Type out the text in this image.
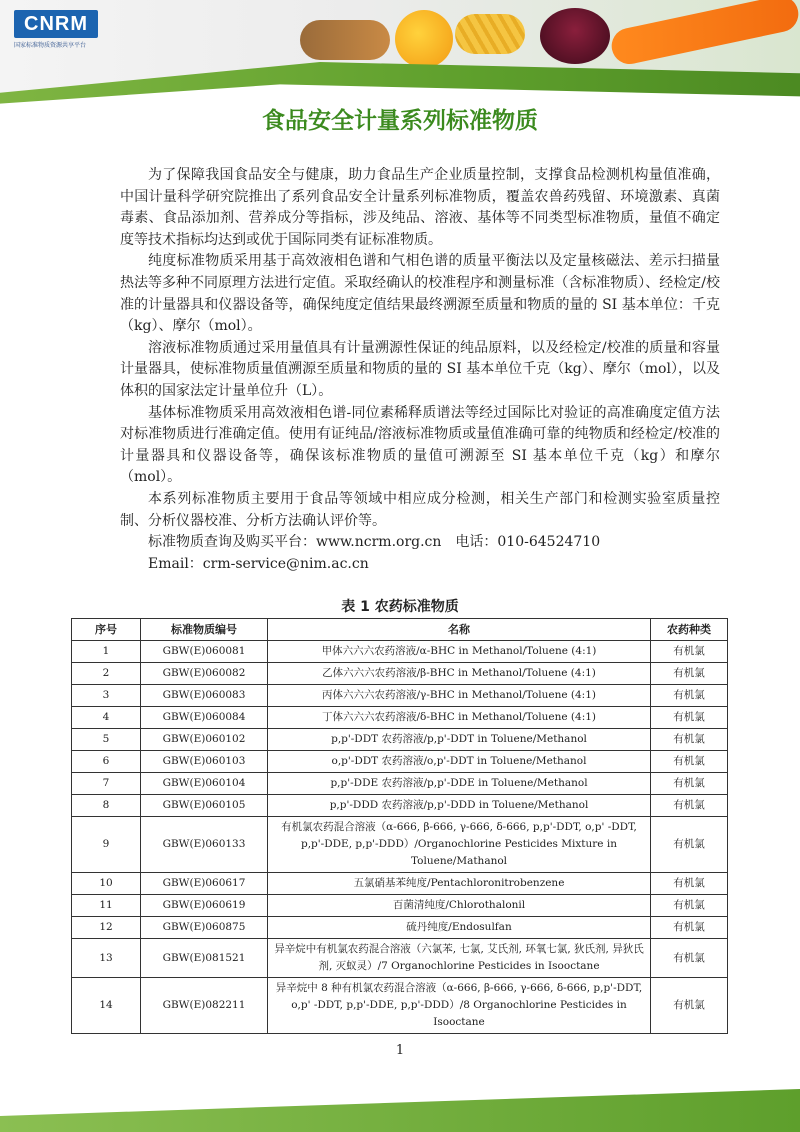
CNRM
国家标准物质资源共享平台
食品安全计量系列标准物质

为了保障我国食品安全与健康，助力食品生产企业质量控制，支撑食品检测机构量值准确，中国计量科学研究院推出了系列食品安全计量系列标准物质，覆盖农兽药残留、环境激素、真菌毒素、食品添加剂、营养成分等指标，涉及纯品、溶液、基体等不同类型标准物质，量值不确定度等技术指标均达到或优于国际同类有证标准物质。

纯度标准物质采用基于高效液相色谱和气相色谱的质量平衡法以及定量核磁法、差示扫描量热法等多种不同原理方法进行定值。采取经确认的校准程序和测量标准（含标准物质）、经检定/校准的计量器具和仪器设备等，确保纯度定值结果最终溯源至质量和物质的量的 SI 基本单位：千克（kg）、摩尔（mol）。

溶液标准物质通过采用量值具有计量溯源性保证的纯品原料，以及经检定/校准的质量和容量计量器具，使标准物质量值溯源至质量和物质的量的 SI 基本单位千克（kg）、摩尔（mol），以及体积的国家法定计量单位升（L）。

基体标准物质采用高效液相色谱-同位素稀释质谱法等经过国际比对验证的高准确度定值方法对标准物质进行准确定值。使用有证纯品/溶液标准物质或量值准确可靠的纯物质和经检定/校准的计量器具和仪器设备等，确保该标准物质的量值可溯源至 SI 基本单位千克（kg）和摩尔（mol）。

本系列标准物质主要用于食品等领域中相应成分检测，相关生产部门和检测实验室质量控制、分析仪器校准、分析方法确认评价等。

标准物质查询及购买平台：www.ncrm.org.cn　电话：010-64524710

Email：crm-service@nim.ac.cn

表 1 农药标准物质
序号	标准物质编号	名称	农药种类
1	GBW(E)060081	甲体六六六农药溶液/α-BHC in Methanol/Toluene (4:1)	有机氯
2	GBW(E)060082	乙体六六六农药溶液/β-BHC in Methanol/Toluene (4:1)	有机氯
3	GBW(E)060083	丙体六六六农药溶液/γ-BHC in Methanol/Toluene (4:1)	有机氯
4	GBW(E)060084	丁体六六六农药溶液/δ-BHC in Methanol/Toluene (4:1)	有机氯
5	GBW(E)060102	p,p'-DDT 农药溶液/p,p'-DDT in Toluene/Methanol	有机氯
6	GBW(E)060103	o,p'-DDT 农药溶液/o,p'-DDT in Toluene/Methanol	有机氯
7	GBW(E)060104	p,p'-DDE 农药溶液/p,p'-DDE in Toluene/Methanol	有机氯
8	GBW(E)060105	p,p'-DDD 农药溶液/p,p'-DDD in Toluene/Methanol	有机氯
9	GBW(E)060133	有机氯农药混合溶液（α-666, β-666, γ-666, δ-666, p,p'-DDT, o,p' -DDT, p,p'-DDE, p,p'-DDD）/Organochlorine Pesticides Mixture in Toluene/Mathanol	有机氯
10	GBW(E)060617	五氯硝基苯纯度/Pentachloronitrobenzene	有机氯
11	GBW(E)060619	百菌清纯度/Chlorothalonil	有机氯
12	GBW(E)060875	硫丹纯度/Endosulfan	有机氯
13	GBW(E)081521	异辛烷中有机氯农药混合溶液（六氯苯, 七氯, 艾氏剂, 环氧七氯, 狄氏剂, 异狄氏剂, 灭蚁灵）/7 Organochlorine Pesticides in Isooctane	有机氯
14	GBW(E)082211	异辛烷中 8 种有机氯农药混合溶液（α-666, β-666, γ-666, δ-666, p,p'-DDT, o,p' -DDT, p,p'-DDE, p,p'-DDD）/8 Organochlorine Pesticides in Isooctane	有机氯
1
